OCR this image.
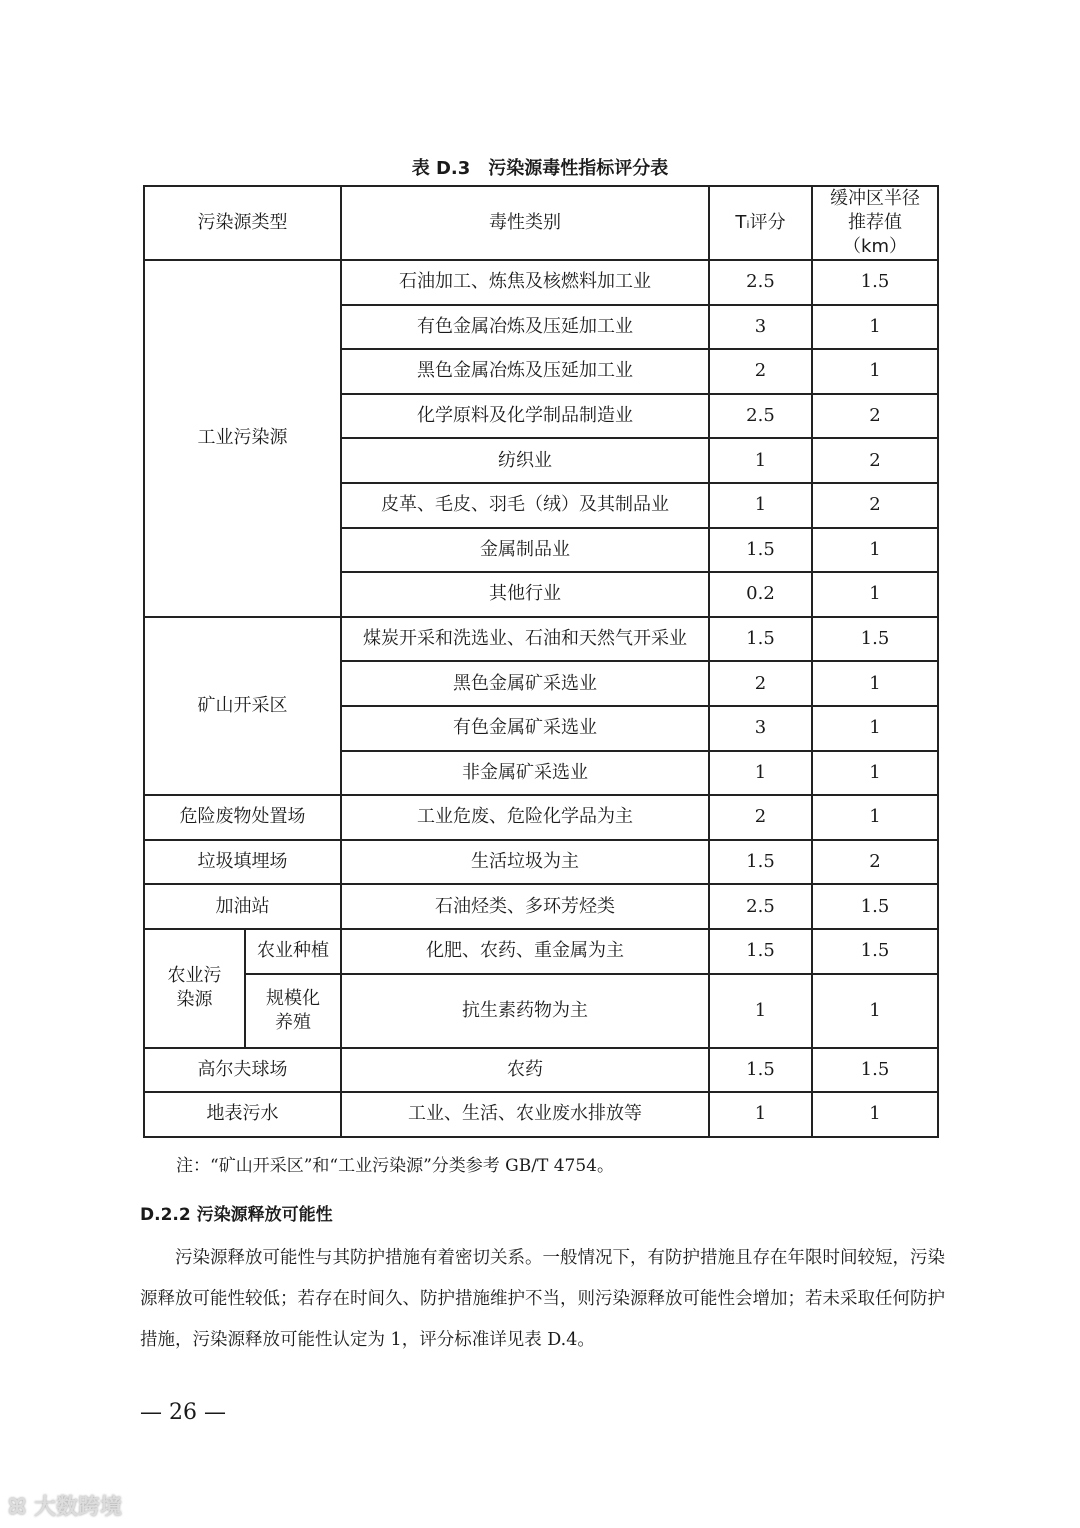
表 D.3　污染源毒性指标评分表
污染源类型		毒性类别	Tᵢ评分	缓冲区半径推荐值（km）
工业污染源		石油加工、炼焦及核燃料加工业	2.5	1.5
		有色金属冶炼及压延加工业	3	1
		黑色金属冶炼及压延加工业	2	1
		化学原料及化学制品制造业	2.5	2
		纺织业	1	2
		皮革、毛皮、羽毛（绒）及其制品业	1	2
		金属制品业	1.5	1
		其他行业	0.2	1
矿山开采区		煤炭开采和洗选业、石油和天然气开采业	1.5	1.5
		黑色金属矿采选业	2	1
		有色金属矿采选业	3	1
		非金属矿采选业	1	1
危险废物处置场		工业危废、危险化学品为主	2	1
垃圾填埋场		生活垃圾为主	1.5	2
加油站		石油烃类、多环芳烃类	2.5	1.5
农业污染源	农业种植	化肥、农药、重金属为主	1.5	1.5
	规模化养殖	抗生素药物为主	1	1
高尔夫球场		农药	1.5	1.5
地表污水		工业、生活、农业废水排放等	1	1
注：“矿山开采区”和“工业污染源”分类参考 GB/T 4754。
D.2.2 污染源释放可能性
污染源释放可能性与其防护措施有着密切关系。一般情况下，有防护措施且存在年限时间较短，污染源释放可能性较低；若存在时间久、防护措施维护不当，则污染源释放可能性会增加；若未采取任何防护措施，污染源释放可能性认定为 1，评分标准详见表 D.4。
— 26 —
ꕤ 大数跨境
